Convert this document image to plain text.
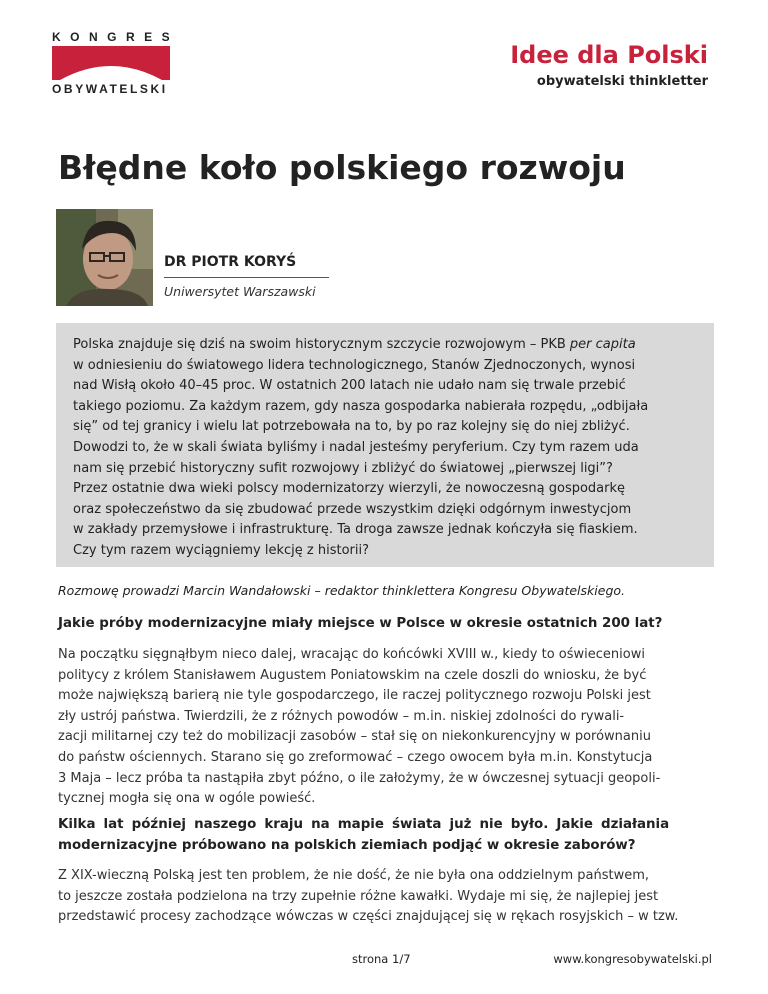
KONGRES
OBYWATELSKI
Idee dla Polski
obywatelski thinkletter
Błędne koło polskiego rozwoju
DR PIOTR KORYŚ
Uniwersytet Warszawski
Polska znajduje się dziś na swoim historycznym szczycie rozwojowym – PKB per capita
w odniesieniu do światowego lidera technologicznego, Stanów Zjednoczonych, wynosi
nad Wisłą około 40–45 proc. W ostatnich 200 latach nie udało nam się trwale przebić
takiego poziomu. Za każdym razem, gdy nasza gospodarka nabierała rozpędu, „odbijała
się” od tej granicy i wielu lat potrzebowała na to, by po raz kolejny się do niej zbliżyć.
Dowodzi to, że w skali świata byliśmy i nadal jesteśmy peryferium. Czy tym razem uda
nam się przebić historyczny sufit rozwojowy i zbliżyć do światowej „pierwszej ligi”?
Przez ostatnie dwa wieki polscy modernizatorzy wierzyli, że nowoczesną gospodarkę
oraz społeczeństwo da się zbudować przede wszystkim dzięki odgórnym inwestycjom
w zakłady przemysłowe i infrastrukturę. Ta droga zawsze jednak kończyła się fiaskiem.
Czy tym razem wyciągniemy lekcję z historii?
Rozmowę prowadzi Marcin Wandałowski – redaktor thinklettera Kongresu Obywatelskiego.
Jakie próby modernizacyjne miały miejsce w Polsce w okresie ostatnich 200 lat?
Na początku sięgnąłbym nieco dalej, wracając do końcówki XVIII w., kiedy to oświeceniowi
politycy z królem Stanisławem Augustem Poniatowskim na czele doszli do wniosku, że być
może największą barierą nie tyle gospodarczego, ile raczej politycznego rozwoju Polski jest
zły ustrój państwa. Twierdzili, że z różnych powodów – m.in. niskiej zdolności do rywali-
zacji militarnej czy też do mobilizacji zasobów – stał się on niekonkurencyjny w porównaniu
do państw ościennych. Starano się go zreformować – czego owocem była m.in. Konstytucja
3 Maja – lecz próba ta nastąpiła zbyt późno, o ile założymy, że w ówczesnej sytuacji geopoli-
tycznej mogła się ona w ogóle powieść.
Kilka lat później naszego kraju na mapie świata już nie było. Jakie działania
modernizacyjne próbowano na polskich ziemiach podjąć w okresie zaborów?
Z XIX-wieczną Polską jest ten problem, że nie dość, że nie była ona oddzielnym państwem,
to jeszcze została podzielona na trzy zupełnie różne kawałki. Wydaje mi się, że najlepiej jest
przedstawić procesy zachodzące wówczas w części znajdującej się w rękach rosyjskich – w tzw.
strona 1/7	www.kongresobywatelski.pl
